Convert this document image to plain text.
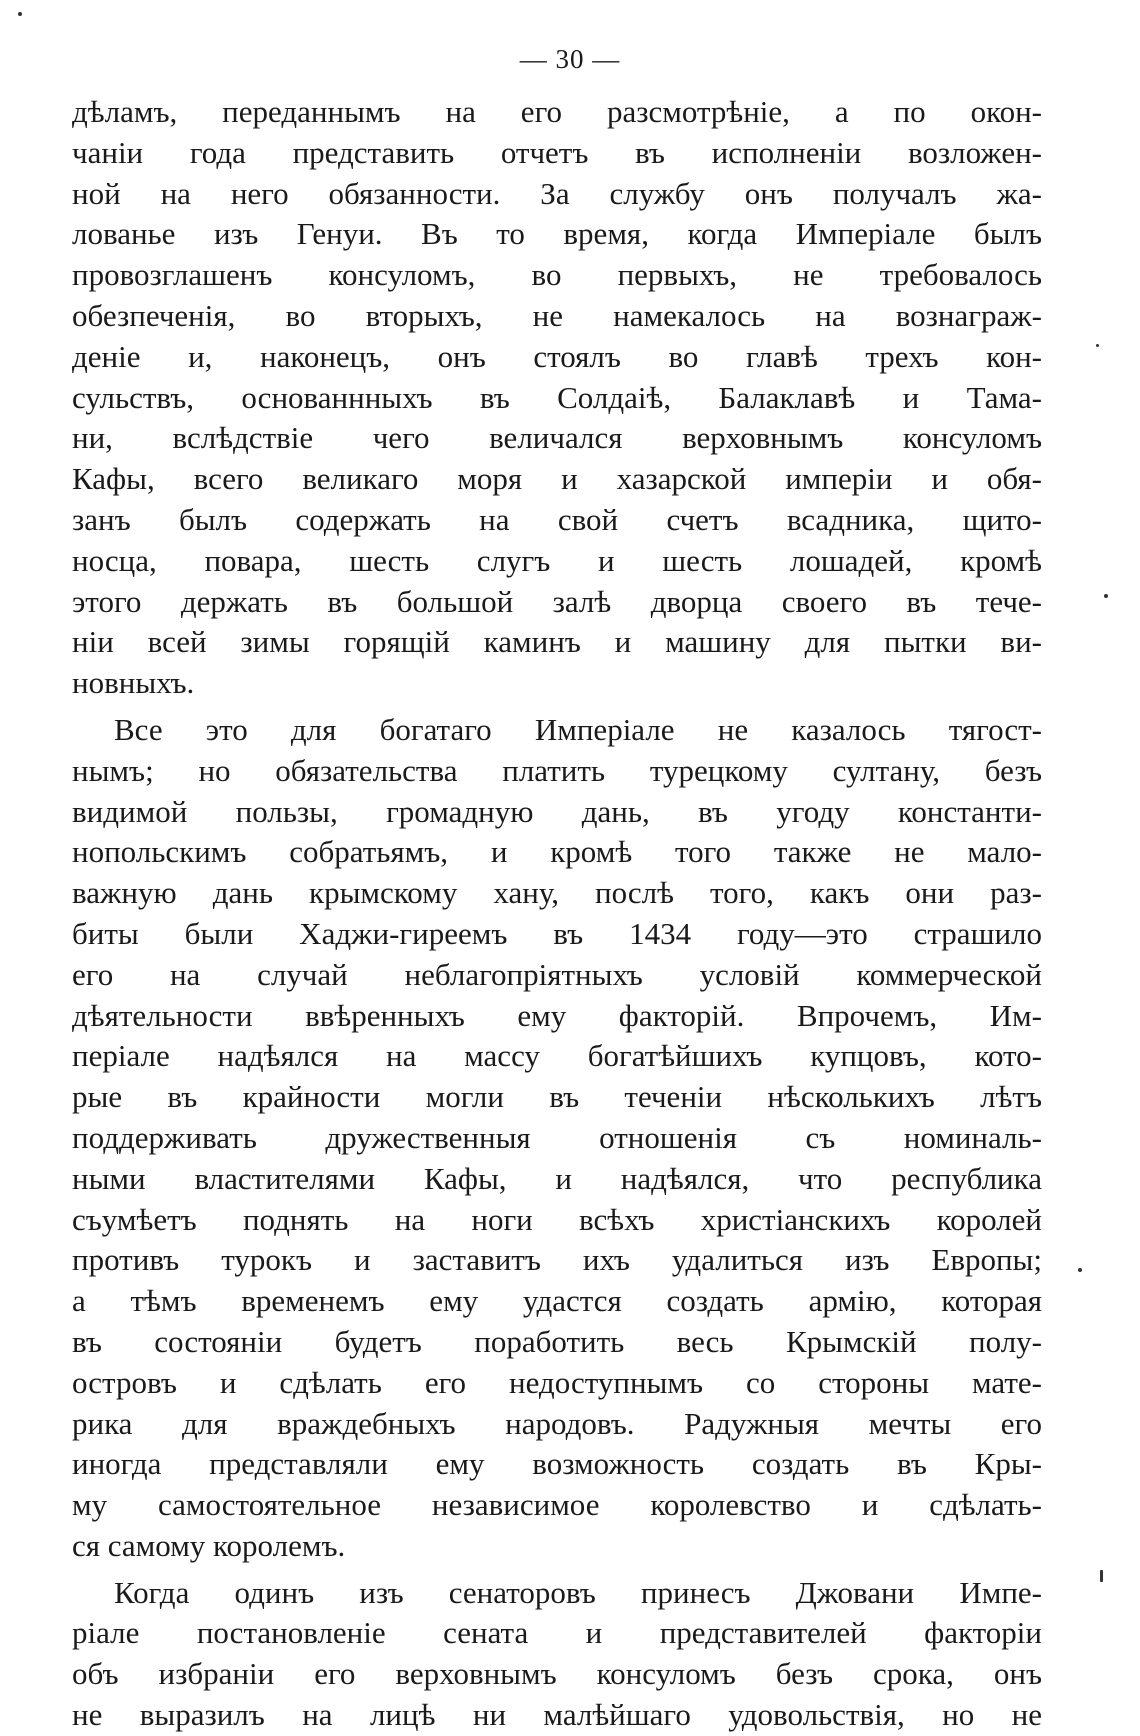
— 30 —
дѣламъ, переданнымъ на его разсмотрѣніе, а по окон-
чаніи года представить отчетъ въ исполненіи возложен-
ной на него обязанности. За службу онъ получалъ жа-
лованье изъ Генуи. Въ то время, когда Имперіале былъ
провозглашенъ консуломъ, во первыхъ, не требовалось
обезпеченія, во вторыхъ, не намекалось на вознаграж-
деніе и, наконецъ, онъ стоялъ во главѣ трехъ кон-
сульствъ, основаннныхъ въ Солдаіѣ, Балаклавѣ и Тама-
ни, вслѣдствіе чего величался верховнымъ консуломъ
Кафы, всего великаго моря и хазарской имперіи и обя-
занъ былъ содержать на свой счетъ всадника, щито-
носца, повара, шесть слугъ и шесть лошадей, кромѣ
этого держать въ большой залѣ дворца своего въ тече-
ніи всей зимы горящій каминъ и машину для пытки ви-
новныхъ.
Все это для богатаго Имперіале не казалось тягост-
нымъ; но обязательства платить турецкому султану, безъ
видимой пользы, громадную дань, въ угоду константи-
нопольскимъ собратьямъ, и кромѣ того также не мало-
важную дань крымскому хану, послѣ того, какъ они раз-
биты были Хаджи-гиреемъ въ 1434 году—это страшило
его на случай неблагопріятныхъ условій коммерческой
дѣятельности ввѣренныхъ ему факторій. Впрочемъ, Им-
періале надѣялся на массу богатѣйшихъ купцовъ, кото-
рые въ крайности могли въ теченіи нѣсколькихъ лѣтъ
поддерживать дружественныя отношенія съ номиналь-
ными властителями Кафы, и надѣялся, что республика
съумѣетъ поднять на ноги всѣхъ христіанскихъ королей
противъ турокъ и заставитъ ихъ удалиться изъ Европы;
а тѣмъ временемъ ему удастся создать армію, которая
въ состояніи будетъ поработить весь Крымскій полу-
островъ и сдѣлать его недоступнымъ со стороны мате-
рика для враждебныхъ народовъ. Радужныя мечты его
иногда представляли ему возможность создать въ Кры-
му самостоятельное независимое королевство и сдѣлать-
ся самому королемъ.
Когда одинъ изъ сенаторовъ принесъ Джовани Импе-
ріале постановленіе сената и представителей факторіи
объ избраніи его верховнымъ консуломъ безъ срока, онъ
не выразилъ на лицѣ ни малѣйшаго удовольствія, но не
